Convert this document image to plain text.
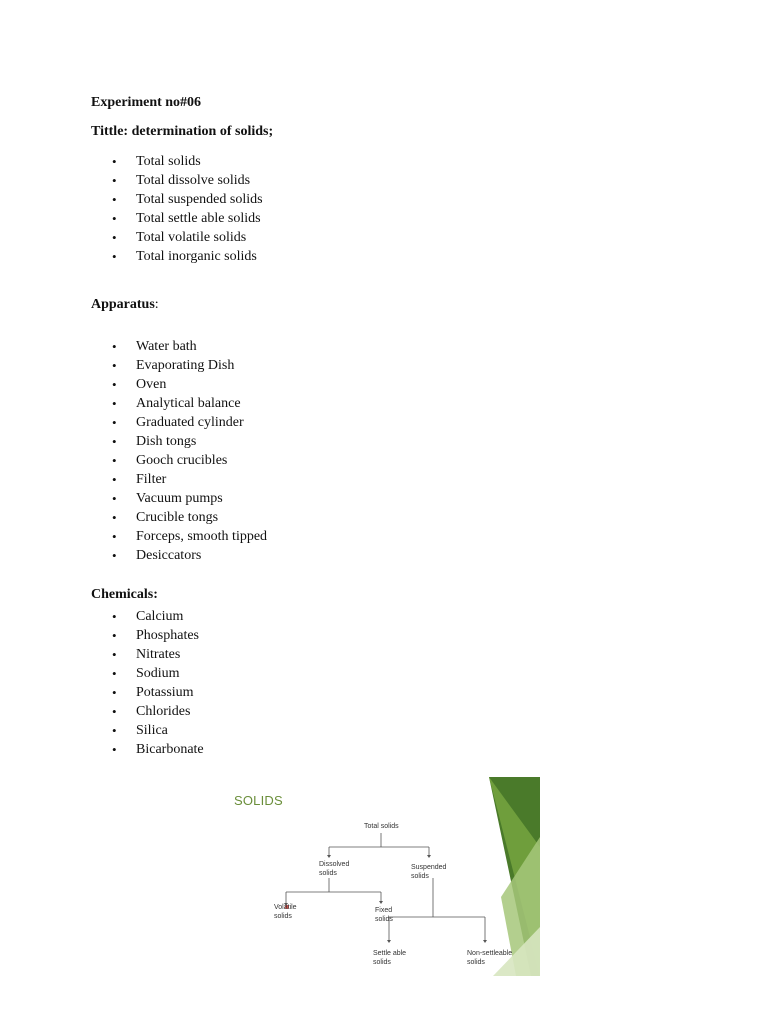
Experiment no#06
Tittle: determination of solids;
• Total solids
• Total dissolve solids
• Total suspended solids
• Total settle able solids
• Total volatile solids
• Total inorganic solids
Apparatus:
• Water bath
• Evaporating Dish
• Oven
• Analytical balance
• Graduated cylinder
• Dish tongs
• Gooch crucibles
• Filter
• Vacuum pumps
• Crucible tongs
• Forceps, smooth tipped
• Desiccators
Chemicals:
• Calcium
• Phosphates
• Nitrates
• Sodium
• Potassium
• Chlorides
• Silica
• Bicarbonate
SOLIDS
Total solids
Dissolved
solids
Suspended
solids
Volatile
solids
Fixed
solids
Settle able
solids
Non-settleable
solids
